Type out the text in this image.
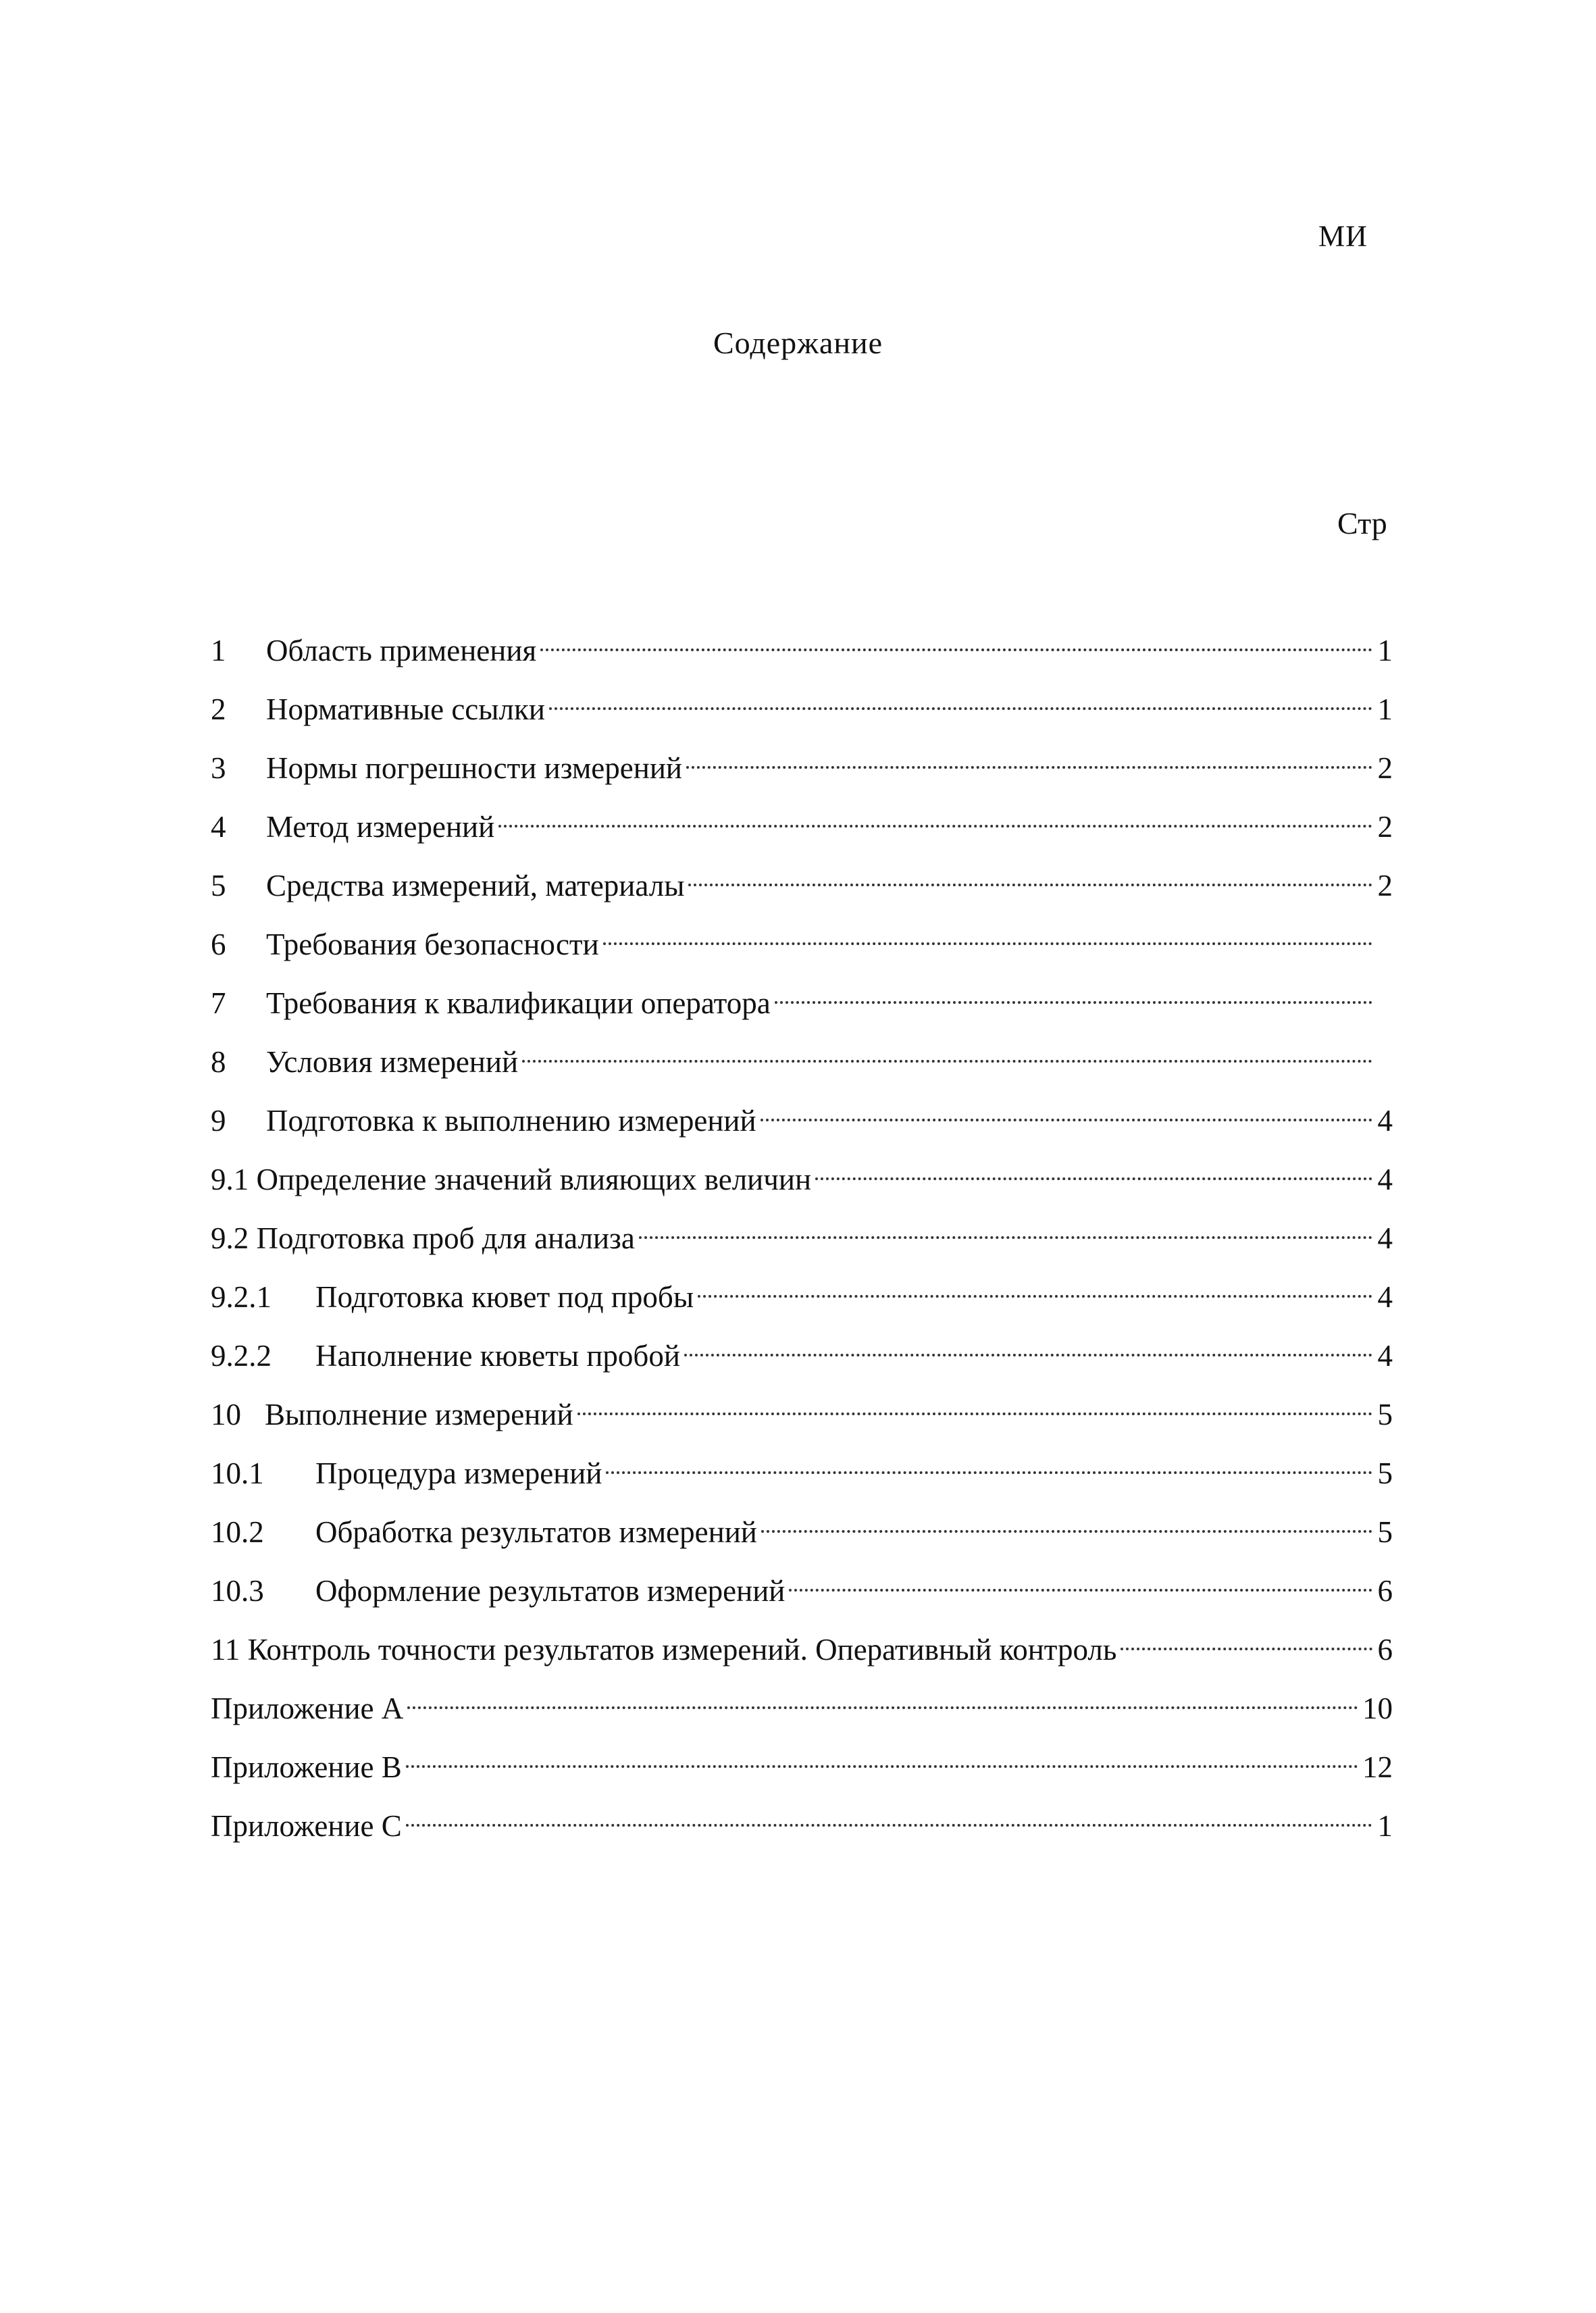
МИ
Содержание
Стр
1	Область применения	1
2	Нормативные ссылки	1
3	Нормы погрешности измерений	2
4	Метод измерений	2
5	Средства измерений, материалы	2
6	Требования безопасности
7	Требования к квалификации оператора
8	Условия измерений
9	Подготовка к выполнению измерений	4
9.1 Определение значений влияющих величин	4
9.2 Подготовка проб для анализа	4
9.2.1	Подготовка кювет под пробы	4
9.2.2	Наполнение кюветы пробой	4
10 Выполнение измерений	5
10.1	Процедура измерений	5
10.2	Обработка результатов измерений	5
10.3	Оформление результатов измерений	6
11 Контроль точности результатов измерений. Оперативный контроль	6
Приложение А	10
Приложение В	12
Приложение С	1
